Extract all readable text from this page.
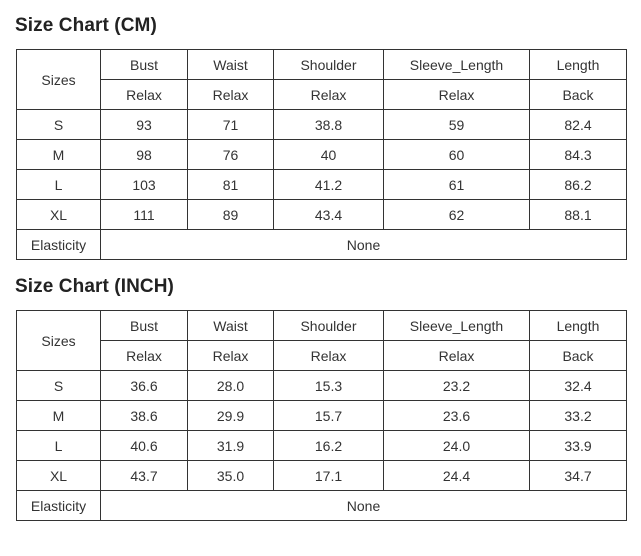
Size Chart (CM)
Sizes	Bust	Waist	Shoulder	Sleeve_Length	Length
	Relax	Relax	Relax	Relax	Back
S	93	71	38.8	59	82.4
M	98	76	40	60	84.3
L	103	81	41.2	61	86.2
XL	111	89	43.4	62	88.1
Elasticity	None				
Size Chart (INCH)
Sizes	Bust	Waist	Shoulder	Sleeve_Length	Length
	Relax	Relax	Relax	Relax	Back
S	36.6	28.0	15.3	23.2	32.4
M	38.6	29.9	15.7	23.6	33.2
L	40.6	31.9	16.2	24.0	33.9
XL	43.7	35.0	17.1	24.4	34.7
Elasticity	None				
